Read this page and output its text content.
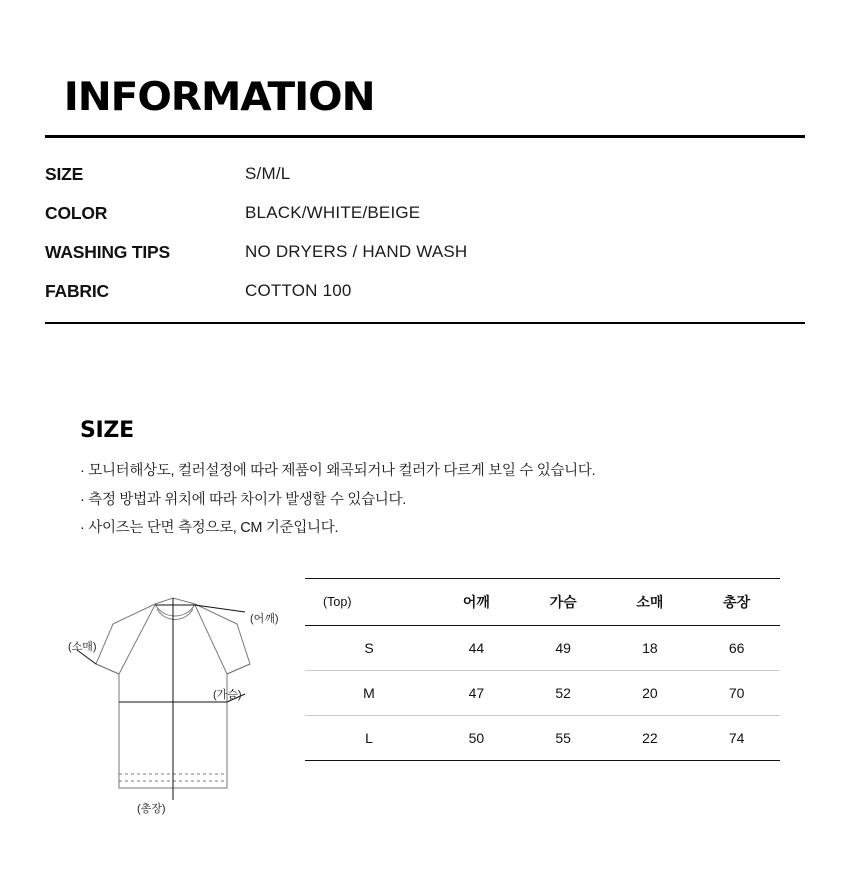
INFORMATION
SIZE	S/M/L
COLOR	BLACK/WHITE/BEIGE
WASHING TIPS	NO DRYERS / HAND WASH
FABRIC	COTTON 100
SIZE
· 모니터해상도, 컬러설정에 따라 제품이 왜곡되거나 컬러가 다르게 보일 수 있습니다.
· 측정 방법과 위치에 따라 차이가 발생할 수 있습니다.
· 사이즈는 단면 측정으로, CM 기준입니다.
(어깨)
(소매)
(가슴)
(총장)
(Top)	어깨	가슴	소매	총장
S	44	49	18	66
M	47	52	20	70
L	50	55	22	74
